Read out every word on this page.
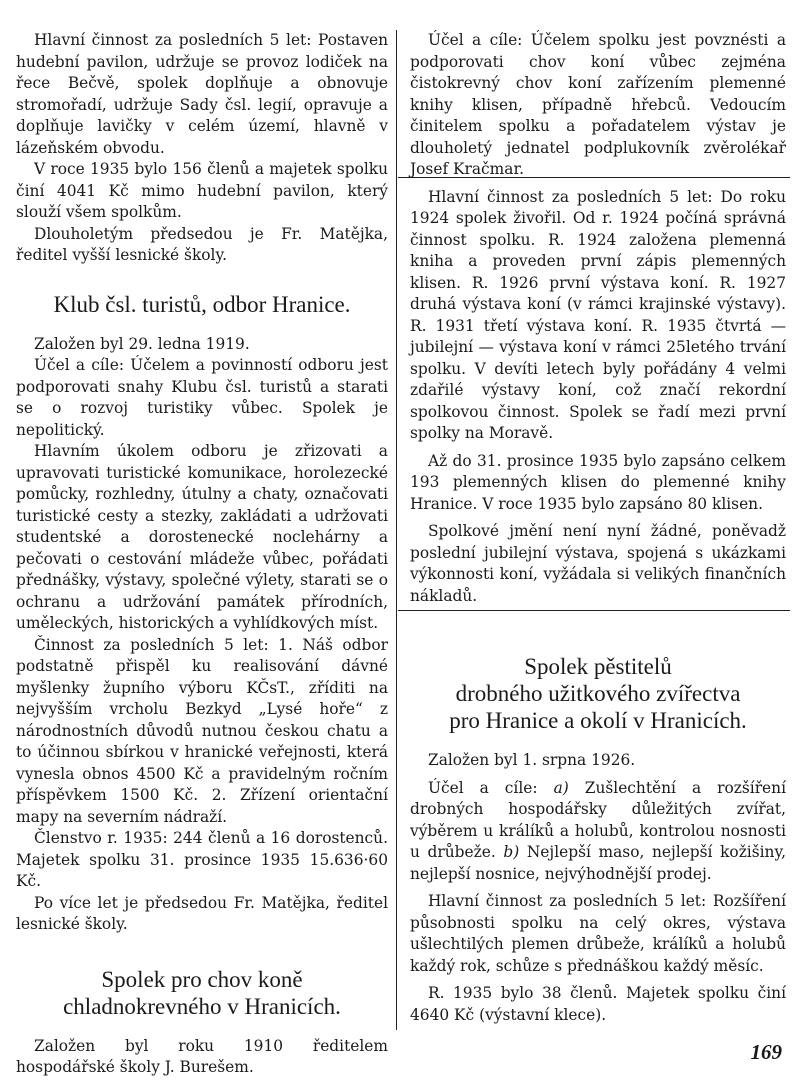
Hlavní činnost za posledních 5 let: Postaven hudební pavilon, udržuje se provoz lodiček na řece Bečvě, spolek doplňuje a obnovuje stromořadí, udržuje Sady čsl. legií, opravuje a doplňuje lavičky v celém území, hlavně v lázeňském obvodu.

V roce 1935 bylo 156 členů a majetek spolku činí 4041 Kč mimo hudební pavilon, který slouží všem spolkům.

Dlouholetým předsedou je Fr. Matějka, ředitel vyšší lesnické školy.

Klub čsl. turistů, odbor Hranice.

Založen byl 29. ledna 1919.

Účel a cíle: Účelem a povinností odboru jest podporovati snahy Klubu čsl. turistů a starati se o rozvoj turistiky vůbec. Spolek je nepolitický.

Hlavním úkolem odboru je zřizovati a upravovati turistické komunikace, horolezecké pomůcky, rozhledny, útulny a chaty, označovati turistické cesty a stezky, zakládati a udržovati studentské a dorostenecké noclehárny a pečovati o cestování mládeže vůbec, pořádati přednášky, výstavy, společné výlety, starati se o ochranu a udržování památek přírodních, uměleckých, historických a vyhlídkových míst.

Činnost za posledních 5 let: 1. Náš odbor podstatně přispěl ku realisování dávné myšlenky župního výboru KČsT., zříditi na nejvyšším vrcholu Bezkyd „Lysé hoře“ z národnostních důvodů nutnou českou chatu a to účinnou sbírkou v hranické veřejnosti, která vynesla obnos 4500 Kč a pravidelným ročním příspěvkem 1500 Kč. 2. Zřízení orientační mapy na severním nádraží.

Členstvo r. 1935: 244 členů a 16 dorostenců. Majetek spolku 31. prosince 1935 15.636·60 Kč.

Po více let je předsedou Fr. Matějka, ředitel lesnické školy.

Spolek pro chov koně
chladnokrevného v Hranicích.

Založen byl roku 1910 ředitelem hospodářské školy J. Burešem.

Účel a cíle: Účelem spolku jest povznésti a podporovati chov koní vůbec zejména čistokrevný chov koní zařízením plemenné knihy klisen, případně hřebců. Vedoucím činitelem spolku a pořadatelem výstav je dlouholetý jednatel podplukovník zvěrolékař Josef Kračmar.

Hlavní činnost za posledních 5 let: Do roku 1924 spolek živořil. Od r. 1924 počíná správná činnost spolku. R. 1924 založena plemenná kniha a proveden první zápis plemenných klisen. R. 1926 první výstava koní. R. 1927 druhá výstava koní (v rámci krajinské výstavy). R. 1931 třetí výstava koní. R. 1935 čtvrtá — jubilejní — výstava koní v rámci 25letého trvání spolku. V devíti letech byly pořádány 4 velmi zdařilé výstavy koní, což značí rekordní spolkovou činnost. Spolek se řadí mezi první spolky na Moravě.

Až do 31. prosince 1935 bylo zapsáno celkem 193 plemenných klisen do plemenné knihy Hranice. V roce 1935 bylo zapsáno 80 klisen.

Spolkové jmění není nyní žádné, poněvadž poslední jubilejní výstava, spojená s ukázkami výkonnosti koní, vyžádala si velikých finančních nákladů.

Spolek pěstitelů
drobného užitkového zvířectva
pro Hranice a okolí v Hranicích.

Založen byl 1. srpna 1926.

Účel a cíle: a) Zušlechtění a rozšíření drobných hospodářsky důležitých zvířat, výběrem u králíků a holubů, kontrolou nosnosti u drůbeže. b) Nejlepší maso, nejlepší kožišiny, nejlepší nosnice, nejvýhodnější prodej.

Hlavní činnost za posledních 5 let: Rozšíření působnosti spolku na celý okres, výstava ušlechtilých plemen drůbeže, králíků a holubů každý rok, schůze s přednáškou každý měsíc.

R. 1935 bylo 38 členů. Majetek spolku činí 4640 Kč (výstavní klece).

169
